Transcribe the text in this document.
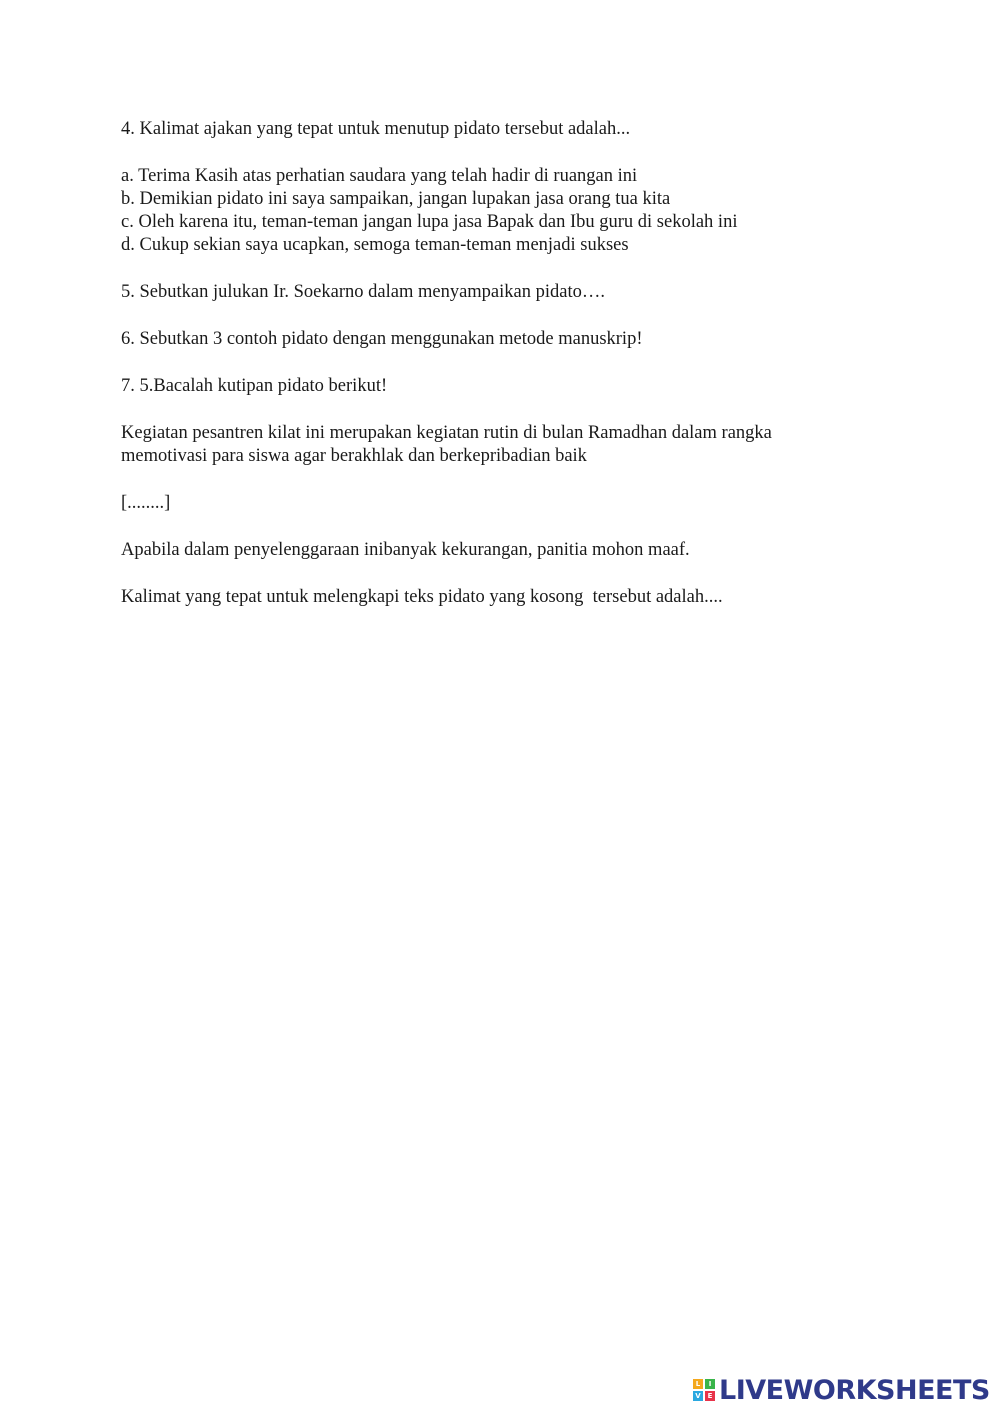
4. Kalimat ajakan yang tepat untuk menutup pidato tersebut adalah...

a. Terima Kasih atas perhatian saudara yang telah hadir di ruangan ini

b. Demikian pidato ini saya sampaikan, jangan lupakan jasa orang tua kita

c. Oleh karena itu, teman-teman jangan lupa jasa Bapak dan Ibu guru di sekolah ini

d. Cukup sekian saya ucapkan, semoga teman-teman menjadi sukses

5. Sebutkan julukan Ir. Soekarno dalam menyampaikan pidato….

6. Sebutkan 3 contoh pidato dengan menggunakan metode manuskrip!

7. 5.Bacalah kutipan pidato berikut!

Kegiatan pesantren kilat ini merupakan kegiatan rutin di bulan Ramadhan dalam rangka

memotivasi para siswa agar berakhlak dan berkepribadian baik

[........]

Apabila dalam penyelenggaraan inibanyak kekurangan, panitia mohon maaf.

Kalimat yang tepat untuk melengkapi teks pidato yang kosong  tersebut adalah....

L	I
V E LIVEWORKSHEETS
